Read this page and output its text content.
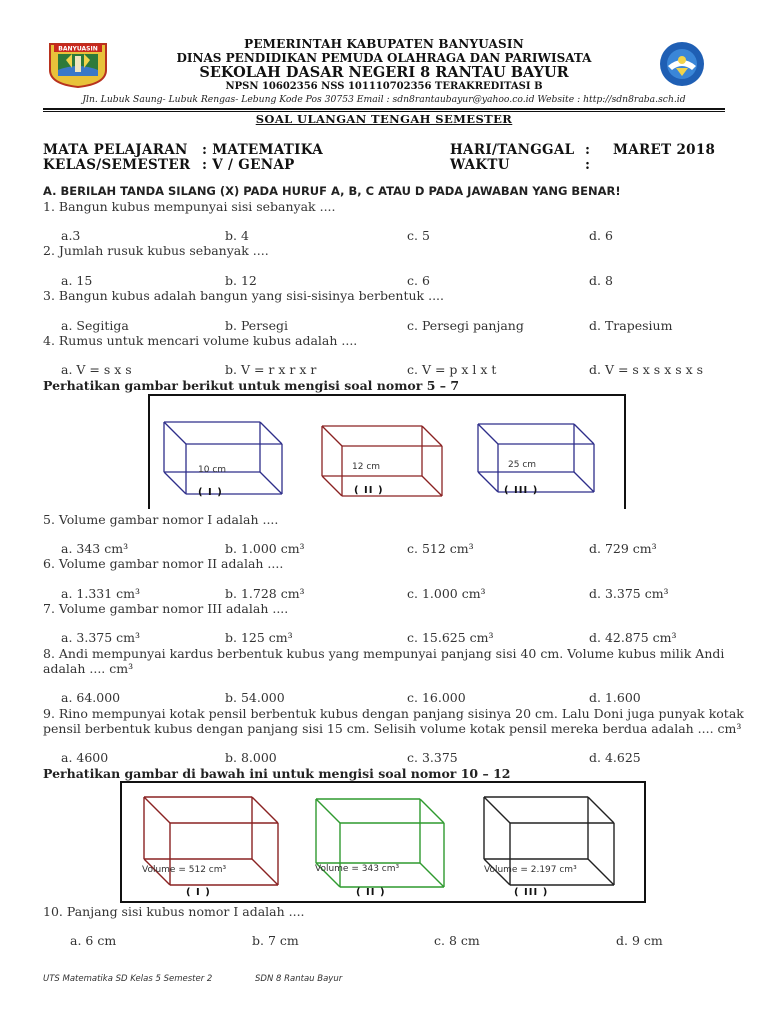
BANYUASIN	PEMERINTAH KABUPATEN BANYUASIN
DINAS PENDIDIKAN PEMUDA OLAHRAGA DAN PARIWISATA
SEKOLAH DASAR NEGERI 8 RANTAU BAYUR
NPSN 10602356 NSS 101110702356 TERAKREDITASI B
Jln. Lubuk Saung- Lubuk Rengas- Lebung Kode Pos 30753 Email : sdn8rantaubayur@yahoo.co.id Website : http://sdn8raba.sch.id
SOAL ULANGAN TENGAH SEMESTER
MATA PELAJARAN : MATEMATIKA
KELAS/SEMESTER : V / GENAP
HARI/TANGGAL : MARET 2018
WAKTU	:
A. BERILAH TANDA SILANG (X) PADA HURUF A, B, C ATAU D PADA JAWABAN YANG BENAR!
1. Bangun kubus mempunyai sisi sebanyak ....
a.3	b. 4	c. 5	d. 6
2. Jumlah rusuk kubus sebanyak ....
a. 15	b. 12	c. 6	d. 8
3. Bangun kubus adalah bangun yang sisi-sisinya berbentuk ....
a. Segitiga	b. Persegi	c. Persegi panjang	d. Trapesium
4. Rumus untuk mencari volume kubus adalah ....
a. V = s x s	b. V = r x r x r	c. V = p x l x t	d. V = s x s x s x s
Perhatikan gambar berikut untuk mengisi soal nomor 5 – 7
10 cm	12 cm	25 cm
( I )	( II )	( III )
5. Volume gambar nomor I adalah ....
a. 343 cm³	b. 1.000 cm³	c. 512 cm³	d. 729 cm³
6. Volume gambar nomor II adalah ....
a. 1.331 cm³	b. 1.728 cm³	c. 1.000 cm³	d. 3.375 cm³
7. Volume gambar nomor III adalah ....
a. 3.375 cm³	b. 125 cm³	c. 15.625 cm³	d. 42.875 cm³
8. Andi mempunyai kardus berbentuk kubus yang mempunyai panjang sisi 40 cm. Volume kubus milik Andi
adalah .... cm³
a. 64.000	b. 54.000	c. 16.000	d. 1.600
9. Rino mempunyai kotak pensil berbentuk kubus dengan panjang sisinya 20 cm. Lalu Doni juga punyak kotak
pensil berbentuk kubus dengan panjang sisi 15 cm. Selisih volume kotak pensil mereka berdua adalah .... cm³
a. 4600	b. 8.000	c. 3.375	d. 4.625
Perhatikan gambar di bawah ini untuk mengisi soal nomor 10 – 12
Volume = 512 cm³	Volume = 343 cm³	Volume = 2.197 cm³
( I )	( II )	( III )
10. Panjang sisi kubus nomor I adalah ....
a. 6 cm	b. 7 cm	c. 8 cm	d. 9 cm
UTS Matematika SD Kelas 5 Semester 2	SDN 8 Rantau Bayur
